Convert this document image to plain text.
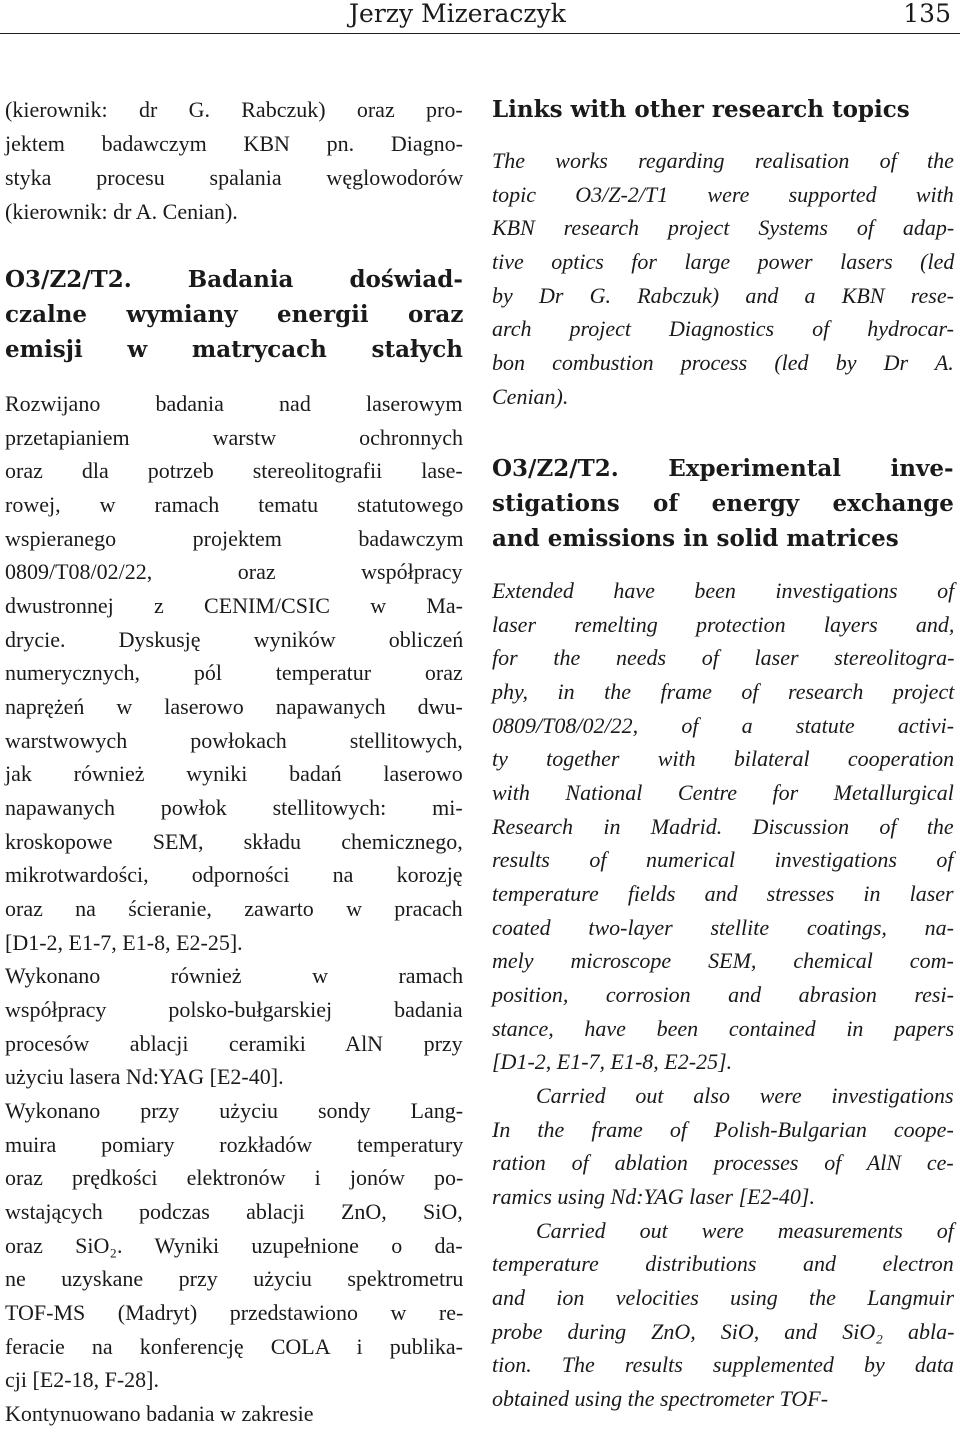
Jerzy Mizeraczyk	135
(kierownik: dr G. Rabczuk) oraz pro-
jektem badawczym KBN pn. Diagno-
styka procesu spalania węglowodorów
(kierownik: dr A. Cenian).
O3/Z2/T2. Badania doświad-
czalne wymiany energii oraz
emisji w matrycach stałych
Rozwijano badania nad laserowym
przetapianiem warstw ochronnych
oraz dla potrzeb stereolitografii lase-
rowej, w ramach tematu statutowego
wspieranego projektem badawczym
0809/T08/02/22, oraz współpracy
dwustronnej z CENIM/CSIC w Ma-
drycie. Dyskusję wyników obliczeń
numerycznych, pól temperatur oraz
naprężeń w laserowo napawanych dwu-
warstwowych powłokach stellitowych,
jak również wyniki badań laserowo
napawanych powłok stellitowych: mi-
kroskopowe SEM, składu chemicznego,
mikrotwardości, odporności na korozję
oraz na ścieranie, zawarto w pracach
[D1-2, E1-7, E1-8, E2-25].
Wykonano również w ramach
współpracy polsko-bułgarskiej badania
procesów ablacji ceramiki AlN przy
użyciu lasera Nd:YAG [E2-40].
Wykonano przy użyciu sondy Lang-
muira pomiary rozkładów temperatury
oraz prędkości elektronów i jonów po-
wstających podczas ablacji ZnO, SiO,
oraz SiO₂. Wyniki uzupełnione o da-
ne uzyskane przy użyciu spektrometru
TOF-MS (Madryt) przedstawiono w re-
feracie na konferencję COLA i publika-
cji [E2-18, F-28].
Kontynuowano badania w zakresie
Links with other research topics
The works regarding realisation of the
topic O3/Z-2/T1 were supported with
KBN research project Systems of adap-
tive optics for large power lasers (led
by Dr G. Rabczuk) and a KBN rese-
arch project Diagnostics of hydrocar-
bon combustion process (led by Dr A.
Cenian).
O3/Z2/T2. Experimental inve-
stigations of energy exchange
and emissions in solid matrices
Extended have been investigations of
laser remelting protection layers and,
for the needs of laser stereolitogra-
phy, in the frame of research project
0809/T08/02/22, of a statute activi-
ty together with bilateral cooperation
with National Centre for Metallurgical
Research in Madrid. Discussion of the
results of numerical investigations of
temperature fields and stresses in laser
coated two-layer stellite coatings, na-
mely microscope SEM, chemical com-
position, corrosion and abrasion resi-
stance, have been contained in papers
[D1-2, E1-7, E1-8, E2-25].
Carried out also were investigations
In the frame of Polish-Bulgarian coope-
ration of ablation processes of AlN ce-
ramics using Nd:YAG laser [E2-40].
Carried out were measurements of
temperature distributions and electron
and ion velocities using the Langmuir
probe during ZnO, SiO, and SiO₂ abla-
tion. The results supplemented by data
obtained using the spectrometer TOF-
